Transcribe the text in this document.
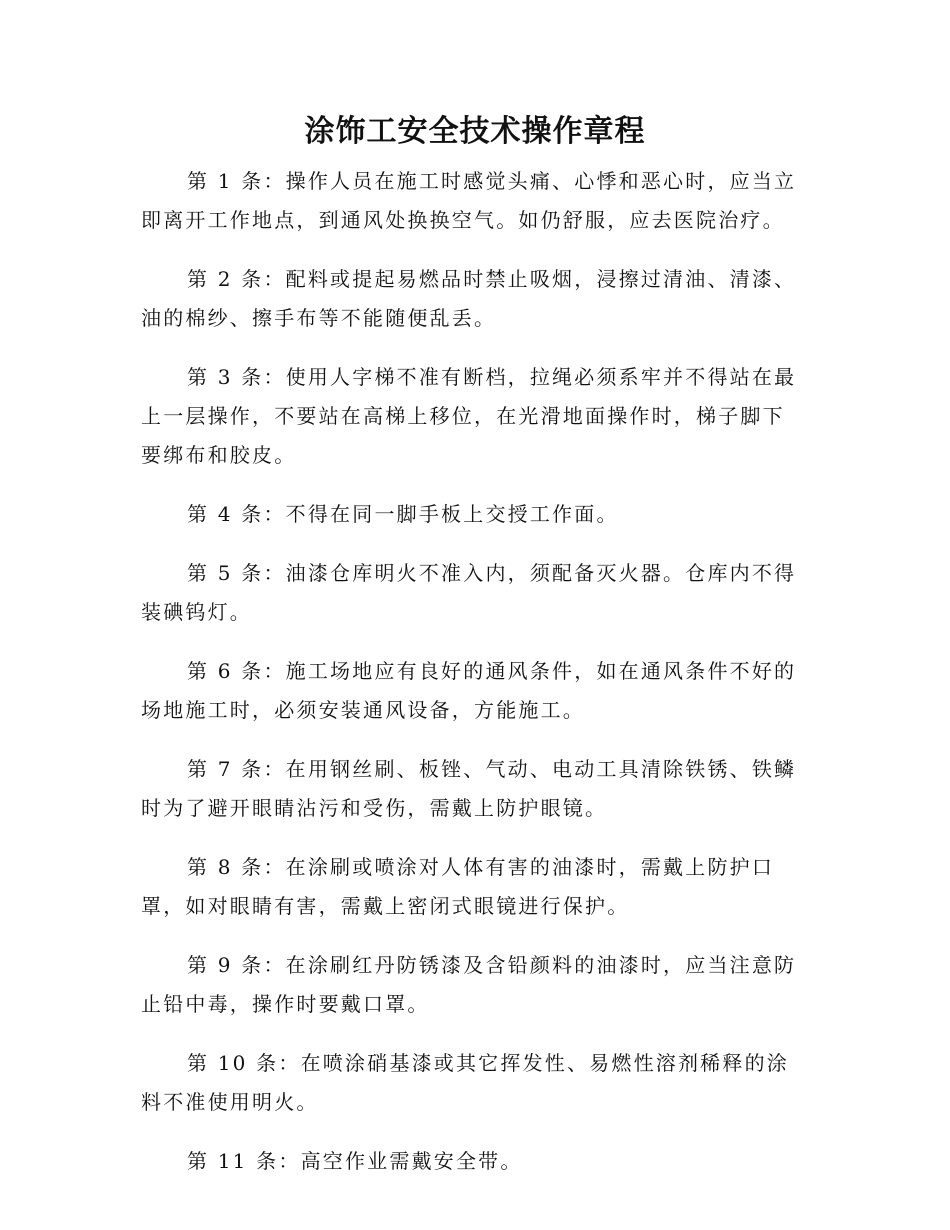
涂饰工安全技术操作章程

第 1 条：操作人员在施工时感觉头痛、心悸和恶心时，应当立即离开工作地点，到通风处换换空气。如仍舒服，应去医院治疗。

第 2 条：配料或提起易燃品时禁止吸烟，浸擦过清油、清漆、油的棉纱、擦手布等不能随便乱丢。

第 3 条：使用人字梯不准有断档，拉绳必须系牢并不得站在最上一层操作，不要站在高梯上移位，在光滑地面操作时，梯子脚下要绑布和胶皮。

第 4 条：不得在同一脚手板上交授工作面。

第 5 条：油漆仓库明火不准入内，须配备灭火器。仓库内不得装碘钨灯。

第 6 条：施工场地应有良好的通风条件，如在通风条件不好的场地施工时，必须安装通风设备，方能施工。

第 7 条：在用钢丝刷、板锉、气动、电动工具清除铁锈、铁鳞时为了避开眼睛沾污和受伤，需戴上防护眼镜。

第 8 条：在涂刷或喷涂对人体有害的油漆时，需戴上防护口罩，如对眼睛有害，需戴上密闭式眼镜进行保护。

第 9 条：在涂刷红丹防锈漆及含铅颜料的油漆时，应当注意防止铅中毒，操作时要戴口罩。

第 10 条：在喷涂硝基漆或其它挥发性、易燃性溶剂稀释的涂料不准使用明火。

第 11 条：高空作业需戴安全带。
